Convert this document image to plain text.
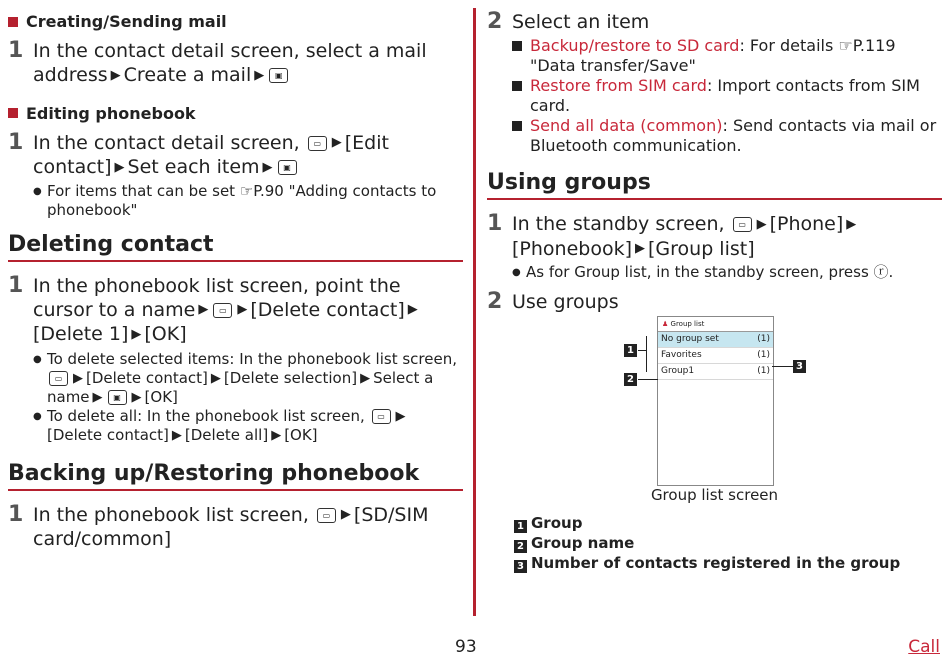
Creating/Sending mail
1 In the contact detail screen, select a mail address ▶ Create a mail ▶ ▣
Editing phonebook
1 In the contact detail screen, ▭ ▶ [Edit contact] ▶ Set each item ▶ ▣
● For items that can be set ☞P.90 "Adding contacts to phonebook"
Deleting contact
1 In the phonebook list screen, point the cursor to a name ▶ ▭ ▶ [Delete contact] ▶[Delete 1] ▶ [OK]
● To delete selected items: In the phonebook list screen, ▭ ▶ [Delete contact] ▶ [Delete selection] ▶ Select a name ▶ ▣ ▶ [OK]
● To delete all: In the phonebook list screen, ▭ ▶[Delete contact] ▶ [Delete all] ▶ [OK]
Backing up/Restoring phonebook
1 In the phonebook list screen, ▭ ▶ [SD/SIM card/common]
2 Select an item
Backup/restore to SD card: For details ☞P.119 "Data transfer/Save"
Restore from SIM card: Import contacts from SIM card.
Send all data (common): Send contacts via mail or Bluetooth communication.
Using groups
1 In the standby screen, ▭ ▶ [Phone] ▶[Phonebook] ▶ [Group list]
● As for Group list, in the standby screen, press ⓡ.
2 Use groups
♟ Group list
No group set	(1)
Favorites	(1)
Group1	(1)
1
2
3
Group list screen
1 Group
2 Group name
3 Number of contacts registered in the group
93	Call
